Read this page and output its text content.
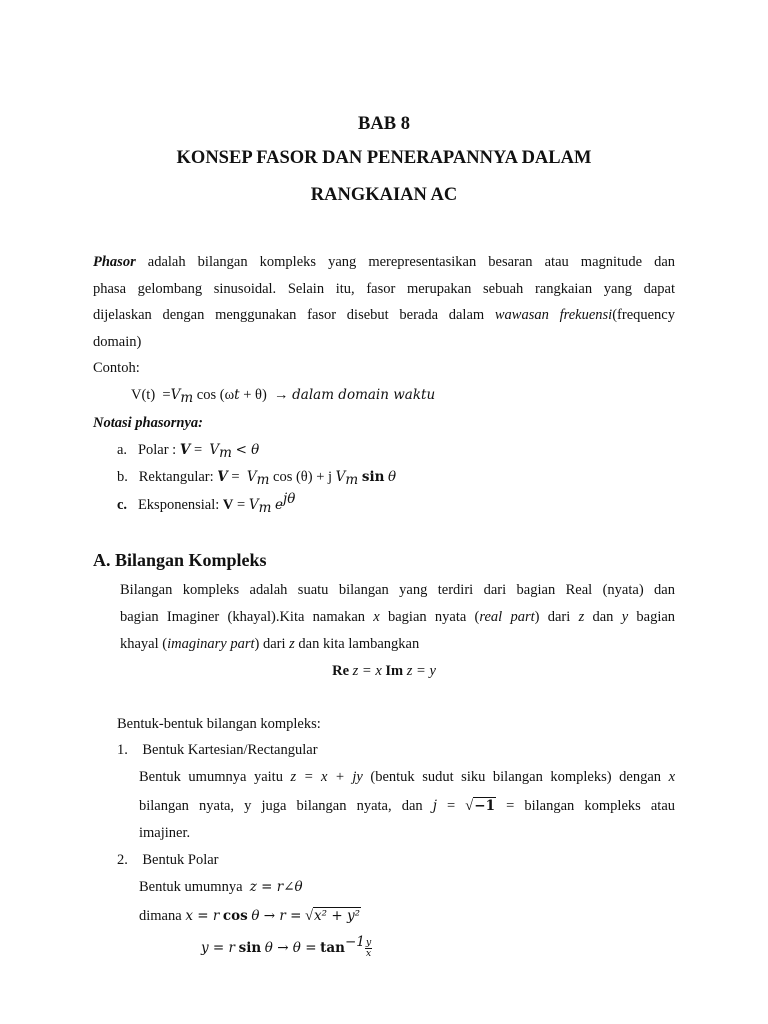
BAB 8
KONSEP FASOR DAN PENERAPANNYA DALAM
RANGKAIAN AC
Phasor adalah bilangan kompleks yang merepresentasikan besaran atau magnitude dan
phasa gelombang sinusoidal. Selain itu, fasor merupakan sebuah rangkaian yang dapat
dijelaskan dengan menggunakan fasor disebut berada dalam wawasan frekuensi(frequency
domain)
Contoh:
$V(t) =V_m$ cos (ωt + θ) → dalam domain waktu
Notasi phasornya:
a. Polar : $V = V_m < \theta$
b. Rektangular: $V = V_m$ cos (θ) + j $V_m$ sin θ
c. Eksponensial: $V = V_m$ $e^{j\theta}$
A. Bilangan Kompleks
Bilangan kompleks adalah suatu bilangan yang terdiri dari bagian Real (nyata) dan
bagian Imaginer (khayal).Kita namakan x bagian nyata (real part) dari z dan y bagian
khayal (imaginary part) dari z dan kita lambangkan
Re z = x Im z = y
Bentuk-bentuk bilangan kompleks:
1. Bentuk Kartesian/Rectangular
Bentuk umumnya yaitu z = x + jy (bentuk sudut siku bilangan kompleks) dengan x
bilangan nyata, y juga bilangan nyata, dan j = √−1 = bilangan kompleks atau
imajiner.
2. Bentuk Polar
Bentuk umumnya z = r∠θ
dimana x = r cos θ → r = √x² + y²
y = r $\sin \theta \to \theta = \tan^{-1} \frac{y}{x}$
